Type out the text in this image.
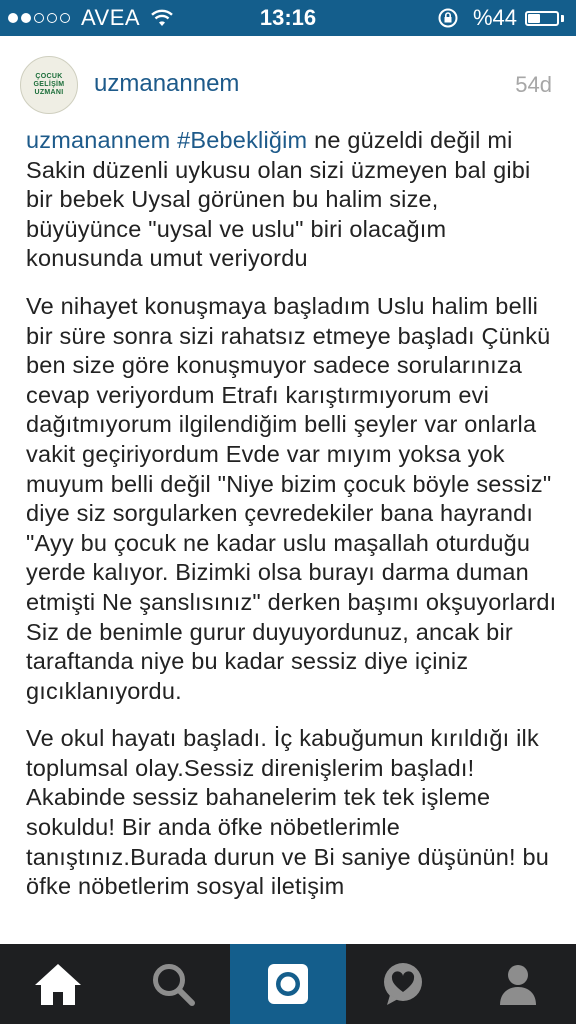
AVEA	13:16	%44
ÇOCUK
GELİŞİM
UZMANI uzmanannem	54d

uzmanannem #Bebekliğim ne güzeldi değil mi Sakin düzenli uykusu olan sizi üzmeyen bal gibi bir bebek Uysal görünen bu halim size, büyüyünce "uysal ve uslu" biri olacağım konusunda umut veriyordu

Ve nihayet konuşmaya başladım Uslu halim belli bir süre sonra sizi rahatsız etmeye başladı Çünkü ben size göre konuşmuyor sadece sorularınıza cevap veriyordum Etrafı karıştırmıyorum evi dağıtmıyorum ilgilendiğim belli şeyler var onlarla vakit geçiriyordum Evde var mıyım yoksa yok muyum belli değil "Niye bizim çocuk böyle sessiz" diye siz sorgularken çevredekiler bana hayrandı "Ayy bu çocuk ne kadar uslu maşallah oturduğu yerde kalıyor. Bizimki olsa burayı darma duman etmişti Ne şanslısınız" derken başımı okşuyorlardı Siz de benimle gurur duyuyordunuz, ancak bir taraftanda niye bu kadar sessiz diye içiniz gıcıklanıyordu.

Ve okul hayatı başladı. İç kabuğumun kırıldığı ilk toplumsal olay.Sessiz direnişlerim başladı! Akabinde sessiz bahanelerim tek tek işleme sokuldu! Bir anda öfke nöbetlerimle tanıştınız.Burada durun ve Bi saniye düşünün! bu öfke nöbetlerim sosyal iletişim
